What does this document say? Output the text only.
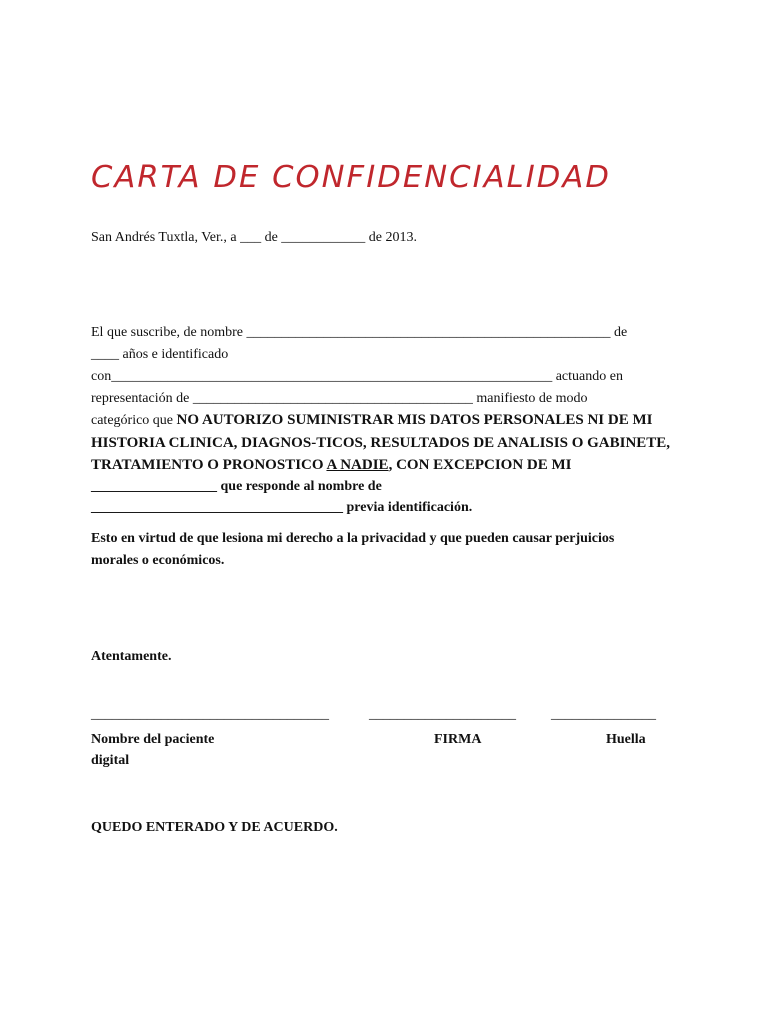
CARTA DE CONFIDENCIALIDAD
San Andrés Tuxtla, Ver., a ___ de ____________ de 2013.
El que suscribe, de nombre ____________________________________________________ de
____ años e identificado
con_______________________________________________________________ actuando en
representación de ________________________________________ manifiesto de modo
categórico que NO AUTORIZO SUMINISTRAR MIS DATOS PERSONALES NI DE MI
HISTORIA CLINICA, DIAGNOS-TICOS, RESULTADOS DE ANALISIS O GABINETE,
TRATAMIENTO O PRONOSTICO A NADIE, CON EXCEPCION DE MI
__________________ que responde al nombre de
____________________________________ previa identificación.
Esto en virtud de que lesiona mi derecho a la privacidad y que pueden causar perjuicios
morales o económicos.
Atentamente.
__________________________________	_____________________	_______________
Nombre del paciente	FIRMA	Huella
digital
QUEDO ENTERADO Y DE ACUERDO.
